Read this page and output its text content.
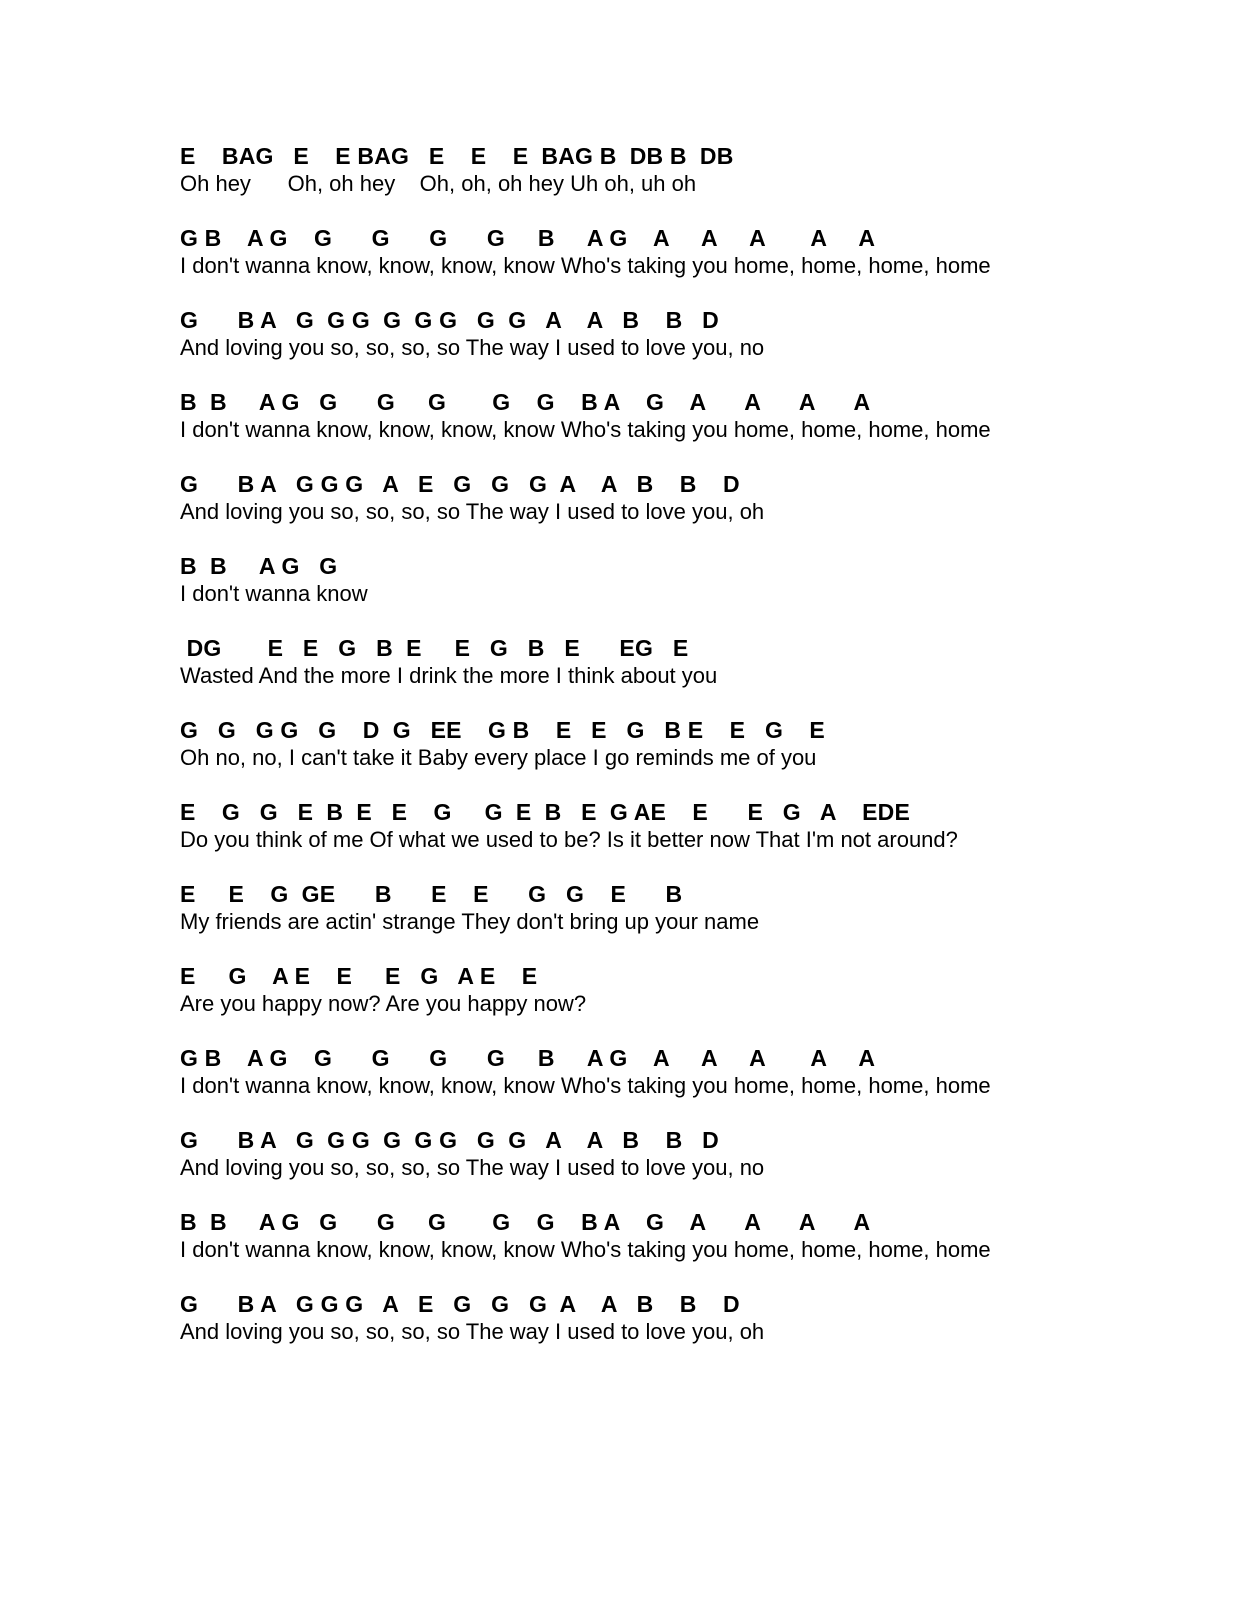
E    BAG   E    E BAG   E    E    E  BAG B  DB B  DB
Oh hey      Oh, oh hey    Oh, oh, oh hey Uh oh, uh oh
G B    A G    G      G      G      G     B     A G    A     A     A       A     A
I don't wanna know, know, know, know Who's taking you home, home, home, home
G      B A   G  G G  G  G G   G  G   A    A   B    B   D
And loving you so, so, so, so The way I used to love you, no
B  B     A G   G      G     G       G    G    B A    G    A      A      A      A
I don't wanna know, know, know, know Who's taking you home, home, home, home
G      B A   G G G   A   E   G   G   G  A    A   B    B    D
And loving you so, so, so, so The way I used to love you, oh
B  B     A G   G
I don't wanna know
DG       E   E   G   B  E     E   G   B   E      EG   E
Wasted And the more I drink the more I think about you
G   G   G G   G    D  G   EE    G B    E   E   G   B E    E   G    E
Oh no, no, I can't take it Baby every place I go reminds me of you
E    G   G   E  B  E   E    G     G  E  B   E  G AE    E      E   G   A    EDE
Do you think of me Of what we used to be? Is it better now That I'm not around?
E     E    G  GE      B      E    E      G   G    E      B
My friends are actin' strange They don't bring up your name
E     G    A E    E     E   G   A E    E
Are you happy now? Are you happy now?
G B    A G    G      G      G      G     B     A G    A     A     A       A     A
I don't wanna know, know, know, know Who's taking you home, home, home, home
G      B A   G  G G  G  G G   G  G   A    A   B    B   D
And loving you so, so, so, so The way I used to love you, no
B  B     A G   G      G     G       G    G    B A    G    A      A      A      A
I don't wanna know, know, know, know Who's taking you home, home, home, home
G      B A   G G G   A   E   G   G   G  A    A   B    B    D
And loving you so, so, so, so The way I used to love you, oh
